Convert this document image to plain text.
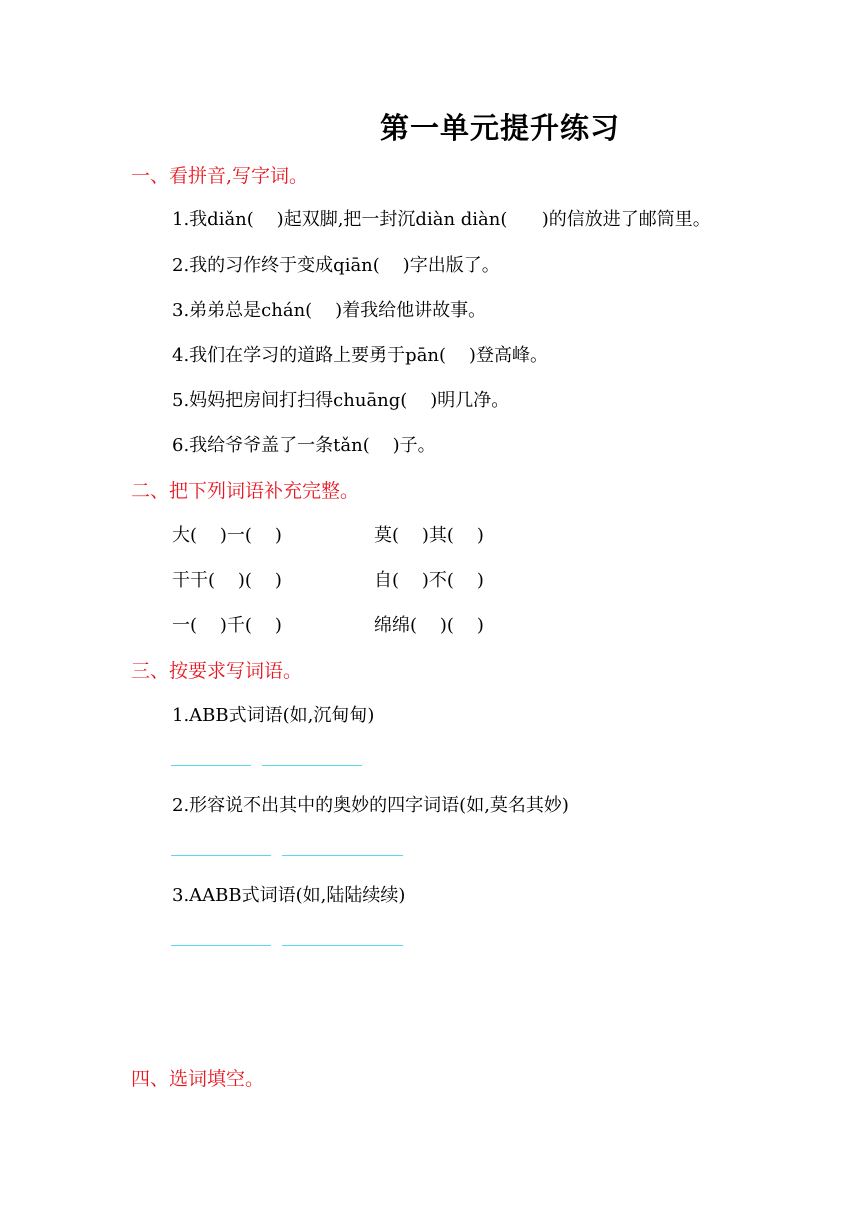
第一单元提升练习
一、看拼音,写字词。
1.我diǎn(    )起双脚,把一封沉diàn diàn(      )的信放进了邮筒里。
2.我的习作终于变成qiān(    )字出版了。
3.弟弟总是chán(    )着我给他讲故事。
4.我们在学习的道路上要勇于pān(    )登高峰。
5.妈妈把房间打扫得chuāng(    )明几净。
6.我给爷爷盖了一条tǎn(    )子。
二、把下列词语补充完整。
大(    )一(    )	莫(    )其(    )
干干(    )(    )	自(    )不(    )
一(    )千(    )	绵绵(    )(    )
三、按要求写词语。
1.ABB式词语(如,沉甸甸)
2.形容说不出其中的奥妙的四字词语(如,莫名其妙)
3.AABB式词语(如,陆陆续续)
四、选词填空。
